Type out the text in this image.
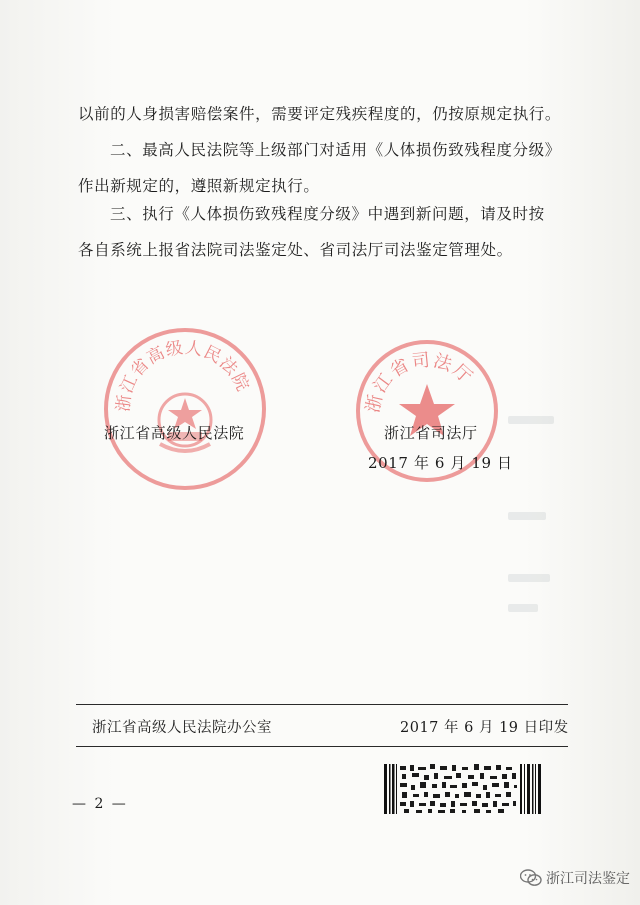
以前的人身损害赔偿案件，需要评定残疾程度的，仍按原规定执行。
二、最高人民法院等上级部门对适用《人体损伤致残程度分级》
作出新规定的，遵照新规定执行。
三、执行《人体损伤致残程度分级》中遇到新问题，请及时按
各自系统上报省法院司法鉴定处、省司法厅司法鉴定管理处。
浙江省高级人民法院
浙江省司法厅
浙江省高级人民法院	浙江省司法厅
2017 年 6 月 19 日
浙江省高级人民法院办公室	2017 年 6 月 19 日印发
— 2 —
浙江司法鉴定
